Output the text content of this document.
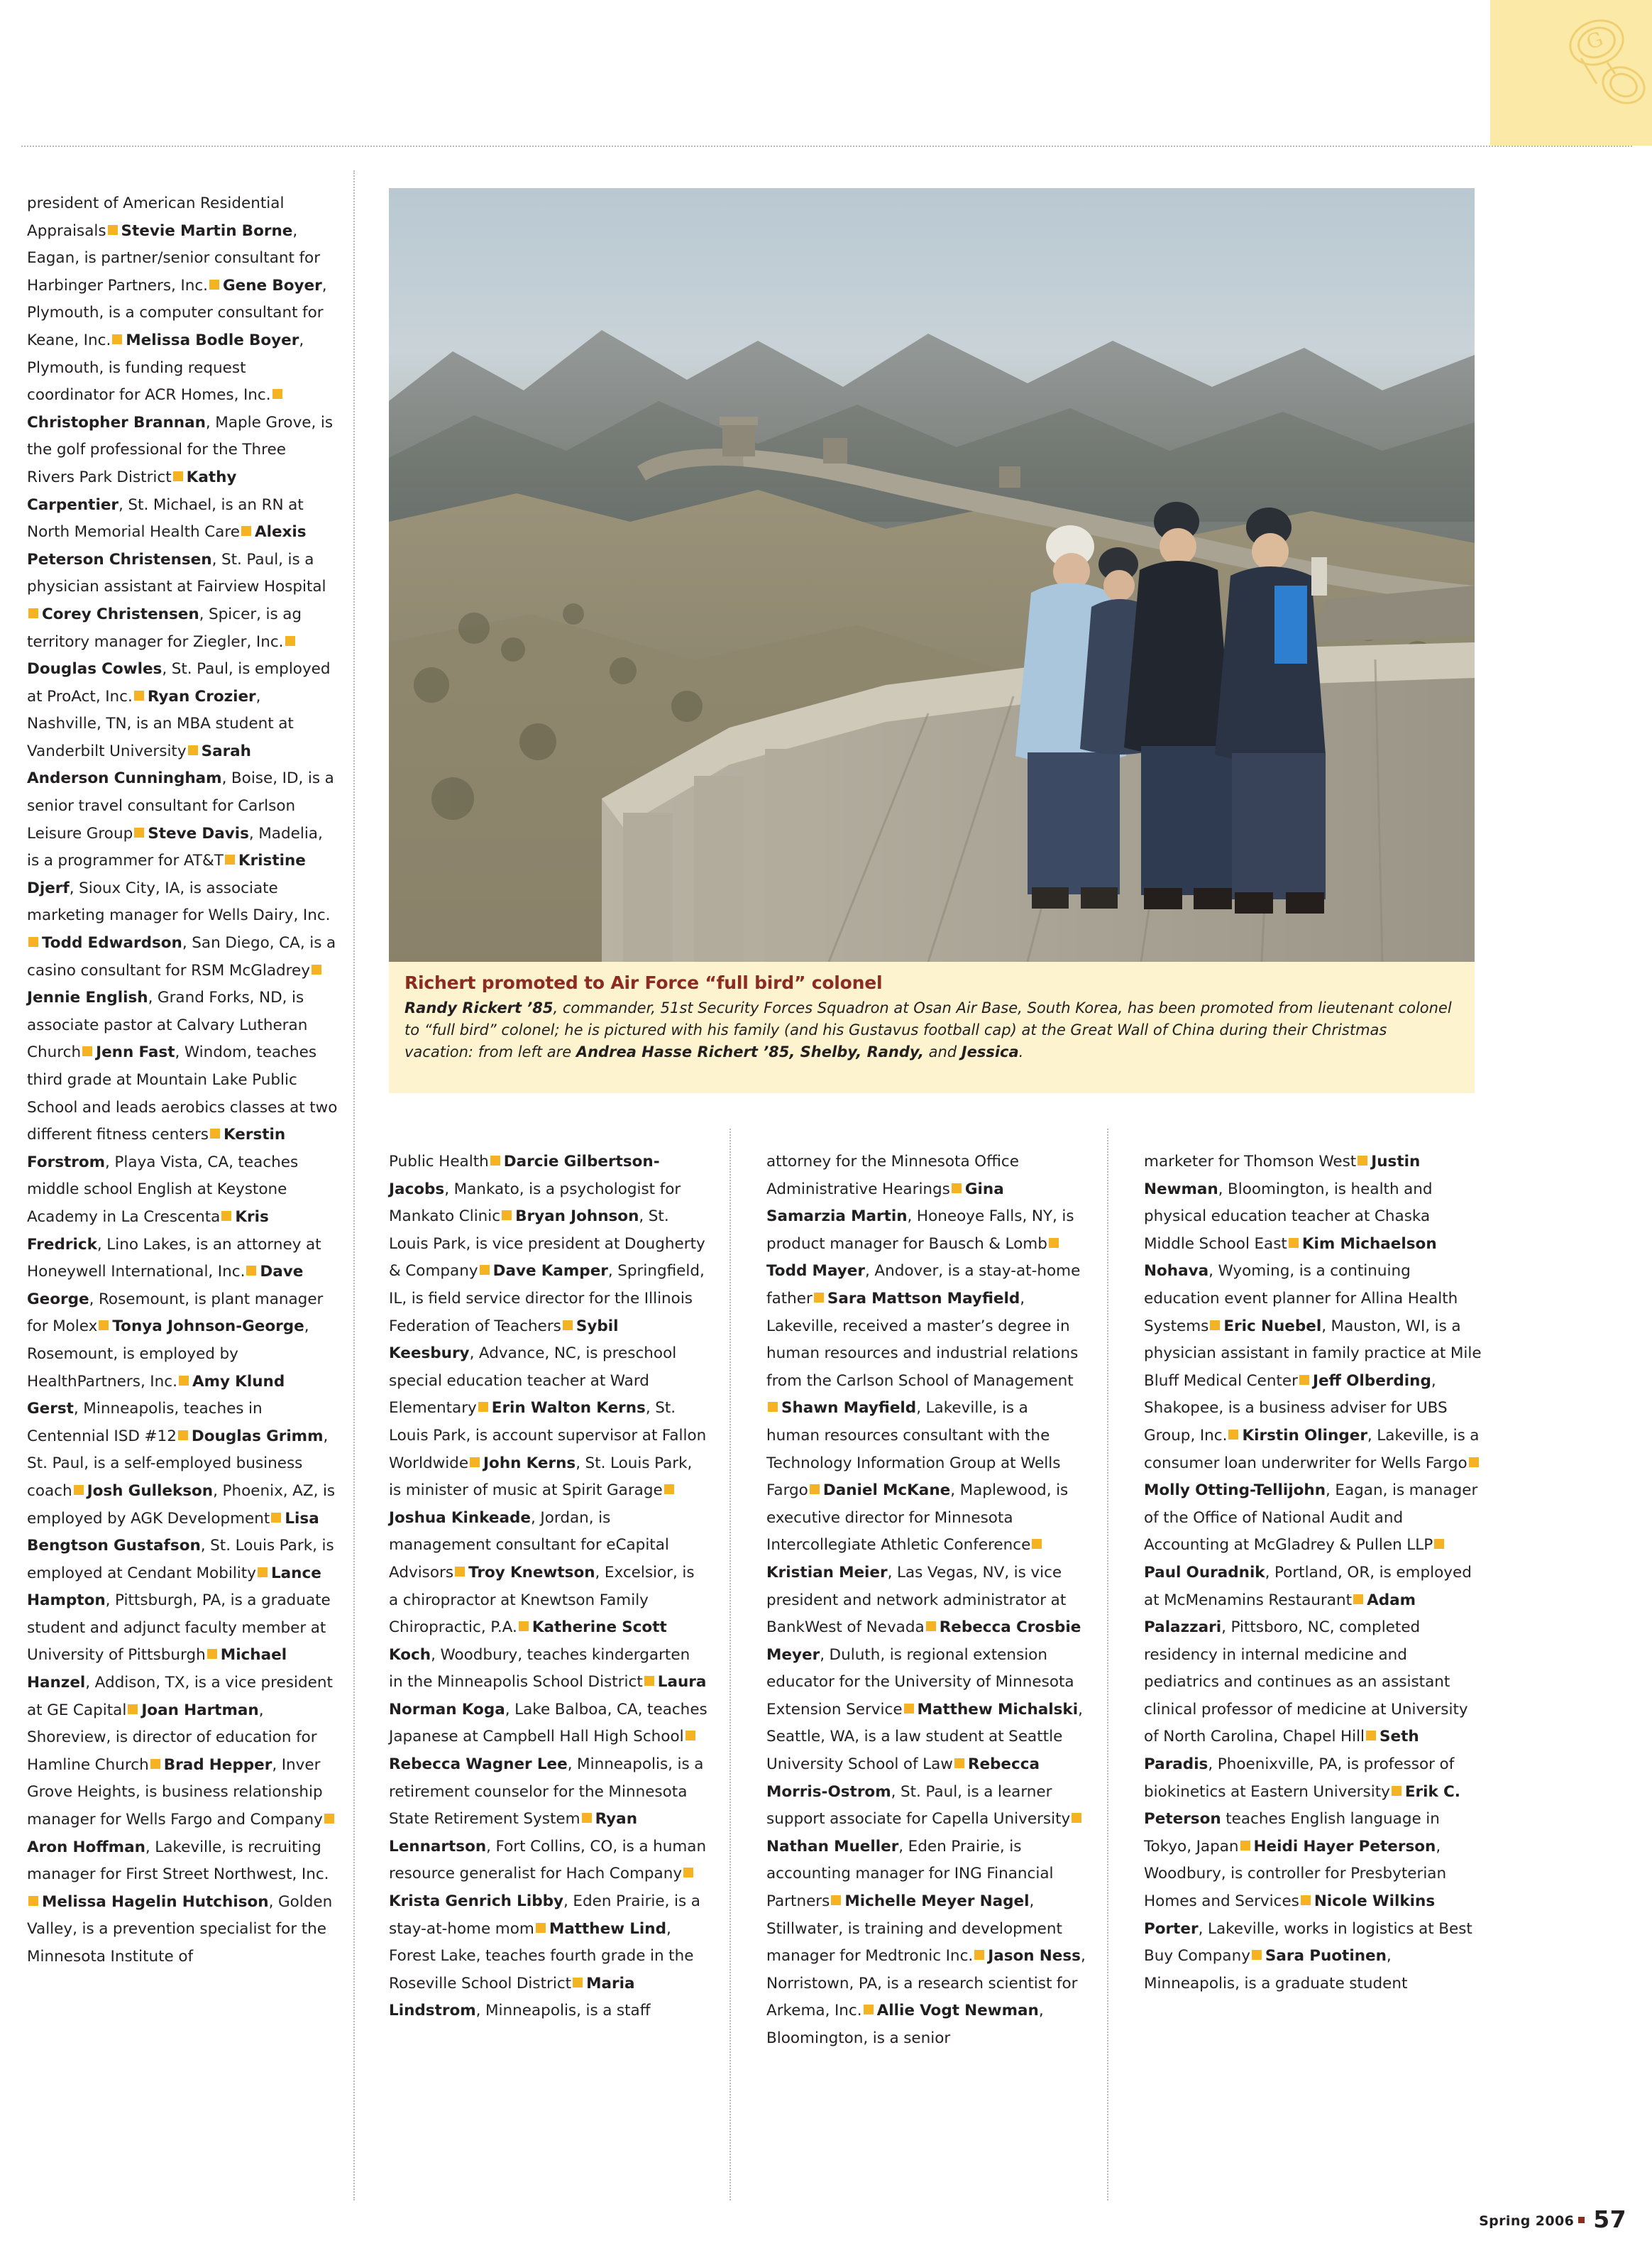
G
Richert promoted to Air Force “full bird” colonel
Randy Rickert ’85, commander, 51st Security Forces Squadron at Osan Air Base, South Korea, has been promoted from lieutenant colonel to “full bird” colonel; he is pictured with his family (and his Gustavus football cap) at the Great Wall of China during their Christmas vacation: from left are Andrea Hasse Richert ’85, Shelby, Randy, and Jessica.
president of American Residential Appraisals Stevie Martin Borne, Eagan, is partner/senior consultant for Harbinger Partners, Inc. Gene Boyer, Plymouth, is a computer consultant for Keane, Inc. Melissa Bodle Boyer, Plymouth, is funding request coordinator for ACR Homes, Inc.Christopher Brannan, Maple Grove, is the golf professional for the Three Rivers Park District Kathy Carpentier, St. Michael, is an RN at North Memorial Health Care Alexis Peterson Christensen, St. Paul, is a physician assistant at Fairview HospitalCorey Christensen, Spicer, is ag territory manager for Ziegler, Inc.Douglas Cowles, St. Paul, is employed at ProAct, Inc. Ryan Crozier, Nashville, TN, is an MBA student at Vanderbilt University Sarah Anderson Cunningham, Boise, ID, is a senior travel consultant for Carlson Leisure Group Steve Davis, Madelia, is a programmer for AT&T Kristine Djerf, Sioux City, IA, is associate marketing manager for Wells Dairy, Inc.Todd Edwardson, San Diego, CA, is a casino consultant for RSM McGladreyJennie English, Grand Forks, ND, is associate pastor at Calvary Lutheran Church Jenn Fast, Windom, teaches third grade at Mountain Lake Public School and leads aerobics classes at two different fitness centers Kerstin Forstrom, Playa Vista, CA, teaches middle school English at Keystone Academy in La Crescenta Kris Fredrick, Lino Lakes, is an attorney at Honeywell International, Inc. Dave George, Rosemount, is plant manager for Molex Tonya Johnson-George, Rosemount, is employed by HealthPartners, Inc. Amy Klund Gerst, Minneapolis, teaches in Centennial ISD #12 Douglas Grimm, St. Paul, is a self-employed business coach Josh Gullekson, Phoenix, AZ, is employed by AGK Development Lisa Bengtson Gustafson, St. Louis Park, is employed at Cendant Mobility Lance Hampton, Pittsburgh, PA, is a graduate student and adjunct faculty member at University of Pittsburgh Michael Hanzel, Addison, TX, is a vice president at GE Capital Joan Hartman, Shoreview, is director of education for Hamline Church Brad Hepper, Inver Grove Heights, is business relationship manager for Wells Fargo and CompanyAron Hoffman, Lakeville, is recruiting manager for First Street Northwest, Inc.Melissa Hagelin Hutchison, Golden Valley, is a prevention specialist for the Minnesota Institute of
Public Health Darcie Gilbertson-Jacobs, Mankato, is a psychologist for Mankato Clinic Bryan Johnson, St. Louis Park, is vice president at Dougherty & Company Dave Kamper, Springfield, IL, is field service director for the Illinois Federation of Teachers Sybil Keesbury, Advance, NC, is preschool special education teacher at Ward Elementary Erin Walton Kerns, St. Louis Park, is account supervisor at Fallon Worldwide John Kerns, St. Louis Park, is minister of music at Spirit GarageJoshua Kinkeade, Jordan, is management consultant for eCapital Advisors Troy Knewtson, Excelsior, is a chiropractor at Knewtson Family Chiropractic, P.A. Katherine Scott Koch, Woodbury, teaches kindergarten in the Minneapolis School District Laura Norman Koga, Lake Balboa, CA, teaches Japanese at Campbell Hall High SchoolRebecca Wagner Lee, Minneapolis, is a retirement counselor for the Minnesota State Retirement System Ryan Lennartson, Fort Collins, CO, is a human resource generalist for Hach CompanyKrista Genrich Libby, Eden Prairie, is a stay-at-home mom Matthew Lind, Forest Lake, teaches fourth grade in the Roseville School District Maria Lindstrom, Minneapolis, is a staff
attorney for the Minnesota Office Administrative Hearings Gina Samarzia Martin, Honeoye Falls, NY, is product manager for Bausch & LombTodd Mayer, Andover, is a stay-at-home father Sara Mattson Mayfield, Lakeville, received a master’s degree in human resources and industrial relations from the Carlson School of ManagementShawn Mayfield, Lakeville, is a human resources consultant with the Technology Information Group at Wells Fargo Daniel McKane, Maplewood, is executive director for Minnesota Intercollegiate Athletic ConferenceKristian Meier, Las Vegas, NV, is vice president and network administrator at BankWest of Nevada Rebecca Crosbie Meyer, Duluth, is regional extension educator for the University of Minnesota Extension Service Matthew Michalski, Seattle, WA, is a law student at Seattle University School of Law Rebecca Morris-Ostrom, St. Paul, is a learner support associate for Capella UniversityNathan Mueller, Eden Prairie, is accounting manager for ING Financial Partners Michelle Meyer Nagel, Stillwater, is training and development manager for Medtronic Inc. Jason Ness, Norristown, PA, is a research scientist for Arkema, Inc. Allie Vogt Newman, Bloomington, is a senior
marketer for Thomson West Justin Newman, Bloomington, is health and physical education teacher at Chaska Middle School East Kim Michaelson Nohava, Wyoming, is a continuing education event planner for Allina Health Systems Eric Nuebel, Mauston, WI, is a physician assistant in family practice at Mile Bluff Medical Center Jeff Olberding, Shakopee, is a business adviser for UBS Group, Inc. Kirstin Olinger, Lakeville, is a consumer loan underwriter for Wells FargoMolly Otting-Tellijohn, Eagan, is manager of the Office of National Audit and Accounting at McGladrey & Pullen LLPPaul Ouradnik, Portland, OR, is employed at McMenamins Restaurant Adam Palazzari, Pittsboro, NC, completed residency in internal medicine and pediatrics and continues as an assistant clinical professor of medicine at University of North Carolina, Chapel Hill Seth Paradis, Phoenixville, PA, is professor of biokinetics at Eastern University Erik C. Peterson teaches English language in Tokyo, Japan Heidi Hayer Peterson, Woodbury, is controller for Presbyterian Homes and Services Nicole Wilkins Porter, Lakeville, works in logistics at Best Buy Company Sara Puotinen, Minneapolis, is a graduate student
Spring 2006 57
